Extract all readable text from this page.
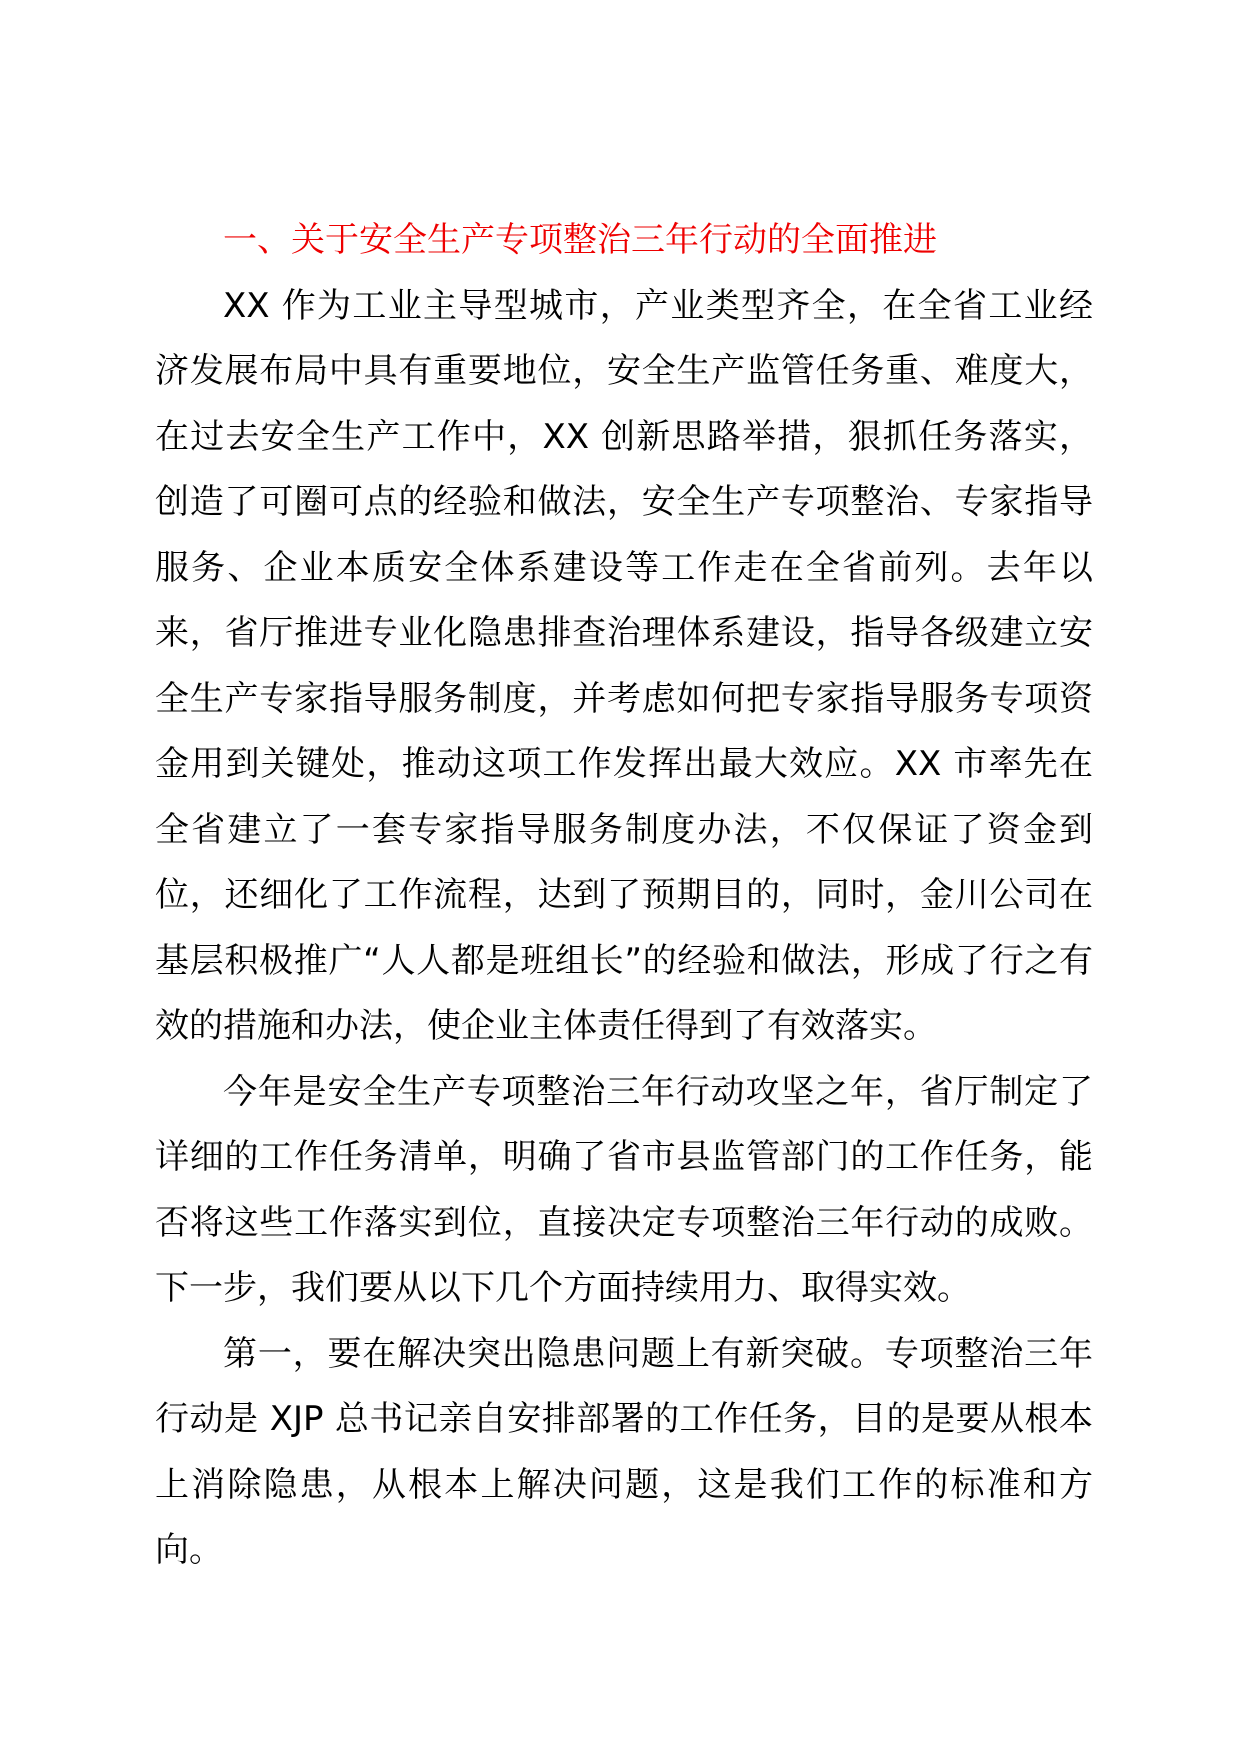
一、关于安全生产专项整治三年行动的全面推进

XX 作为工业主导型城市，产业类型齐全，在全省工业经济发展布局中具有重要地位，安全生产监管任务重、难度大，在过去安全生产工作中，XX 创新思路举措，狠抓任务落实，创造了可圈可点的经验和做法，安全生产专项整治、专家指导服务、企业本质安全体系建设等工作走在全省前列。去年以来，省厅推进专业化隐患排查治理体系建设，指导各级建立安全生产专家指导服务制度，并考虑如何把专家指导服务专项资金用到关键处，推动这项工作发挥出最大效应。XX 市率先在全省建立了一套专家指导服务制度办法，不仅保证了资金到位，还细化了工作流程，达到了预期目的，同时，金川公司在基层积极推广“人人都是班组长”的经验和做法，形成了行之有效的措施和办法，使企业主体责任得到了有效落实。

今年是安全生产专项整治三年行动攻坚之年，省厅制定了详细的工作任务清单，明确了省市县监管部门的工作任务，能否将这些工作落实到位，直接决定专项整治三年行动的成败。下一步，我们要从以下几个方面持续用力、取得实效。

第一，要在解决突出隐患问题上有新突破。专项整治三年行动是 XJP 总书记亲自安排部署的工作任务，目的是要从根本上消除隐患，从根本上解决问题，这是我们工作的标准和方向。
